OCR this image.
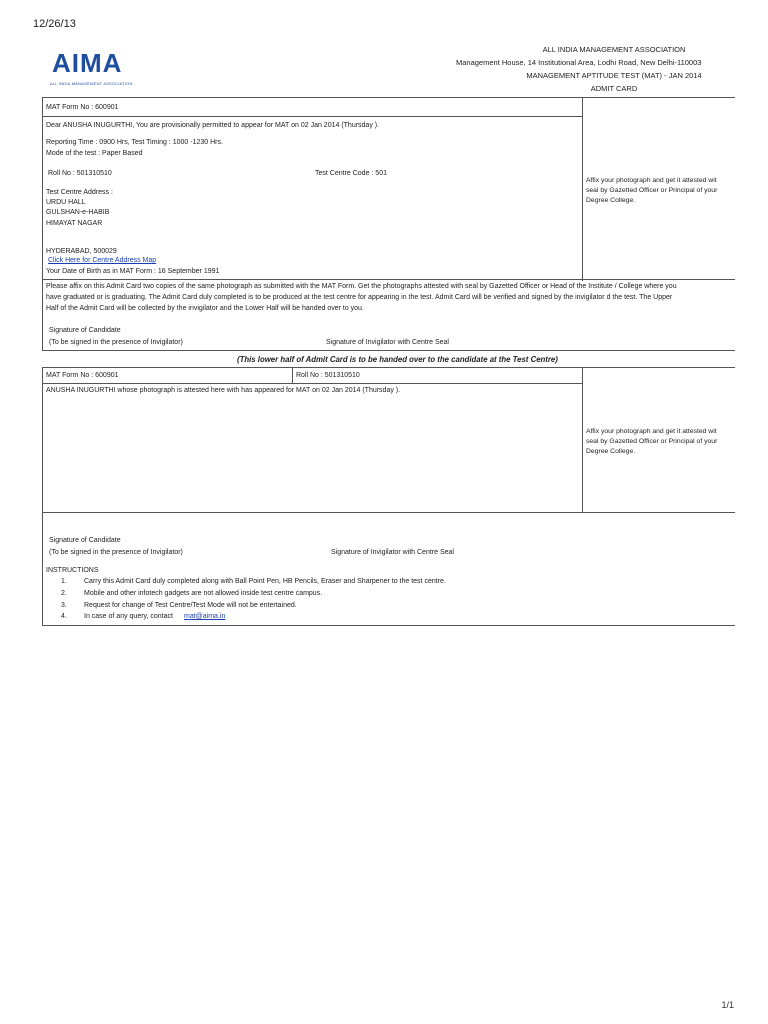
12/26/13
1/1
AIMA
ALL INDIA MANAGEMENT ASSOCIATION
ALL INDIA MANAGEMENT ASSOCIATION
Management House, 14 Institutional Area, Lodhi Road, New Delhi-110003
MANAGEMENT APTITUDE TEST (MAT) - JAN 2014
ADMIT CARD
MAT Form No : 600901
Dear ANUSHA INUGURTHI, You are provisionally permitted to appear for MAT on 02 Jan 2014 (Thursday ).
Reporting Time : 0900 Hrs, Test Timing : 1000 -1230 Hrs.
Mode of the test : Paper Based
Roll No : 501310510	Test Centre Code : 501
Test Centre Address :
URDU HALL
GULSHAN-e-HABIB
HIMAYAT NAGAR
HYDERABAD, 500029
Click Here for Centre Address Map
Your Date of Birth as in MAT Form : 16 September 1991
Affix your photograph and get it attested wit
seal by Gazetted Officer or Principal of your
Degree College.
Please affix on this Admit Card two copies of the same photograph as submitted with the MAT Form. Get the photographs attested with seal by Gazetted Officer or Head of the Institute / College where you
have graduated or is graduating. The Admit Card duly completed is to be produced at the test centre for appearing in the test. Admit Card will be verified and signed by the invigilator d the test. The Upper
Half of the Admit Card will be collected by the invigilator and the Lower Half will be handed over to you.
Signature of Candidate
(To be signed in the presence of Invigilator)	Signature of Invigilator with Centre Seal
(This lower half of Admit Card is to be handed over to the candidate at the Test Centre)
MAT Form No : 600901	Roll No : 501310510
ANUSHA INUGURTHI whose photograph is attested here with has appeared for MAT on 02 Jan 2014 (Thursday ).
Affix your photograph and get it attested wit
seal by Gazetted Officer or Principal of your
Degree College.
Signature of Candidate
(To be signed in the presence of Invigilator)	Signature of Invigilator with Centre Seal
INSTRUCTIONS
1. Carry this Admit Card duly completed along with Ball Point Pen, HB Pencils, Eraser and Sharpener to the test centre.
2. Mobile and other infotech gadgets are not allowed inside test centre campus.
3. Request for change of Test Centre/Test Mode will not be entertained.
4. In case of any query, contact mat@aima.in
